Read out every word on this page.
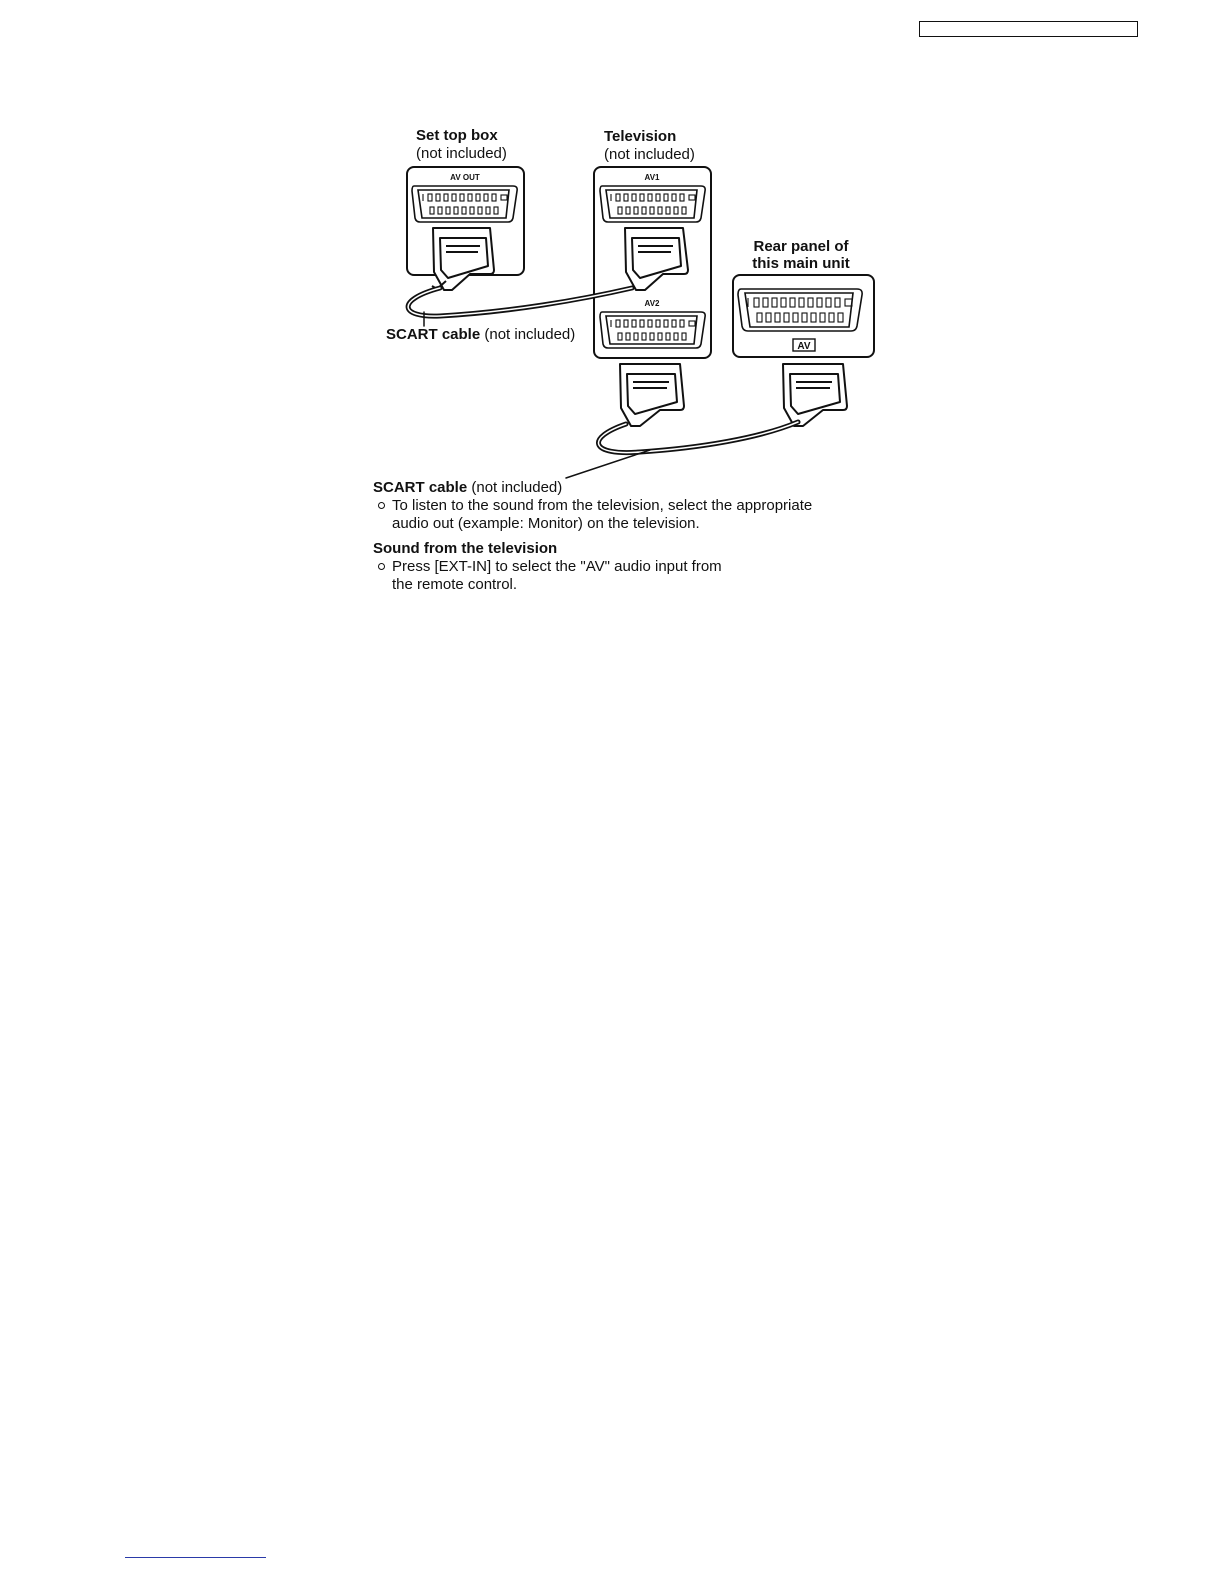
AV OUT	AV1
AV2
AV
Set top box
(not included)
Television
(not included)
Rear panel of
this main unit
SCART cable (not included)
SCART cable (not included)
To listen to the sound from the television, select the appropriate
audio out (example: Monitor) on the television.
Sound from the television
Press [EXT-IN] to select the "AV" audio input from
the remote control.
